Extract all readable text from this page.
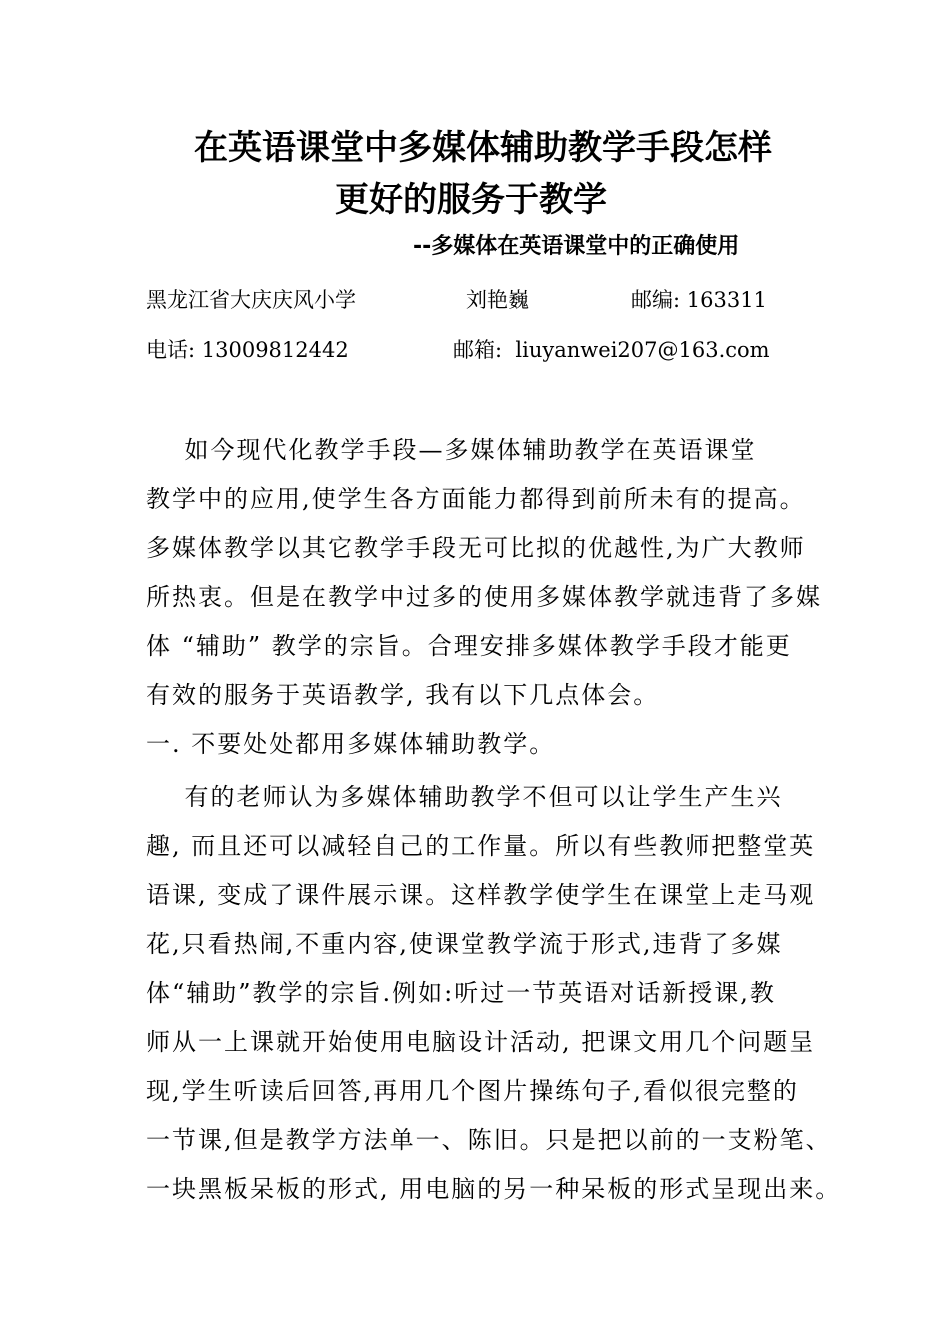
在英语课堂中多媒体辅助教学手段怎样
更好的服务于教学
--多媒体在英语课堂中的正确使用
黑龙江省大庆庆风小学	刘艳巍	邮编: 163311
电话: 13009812442	邮箱:  liuyanwei207@163.com
如今现代化教学手段—多媒体辅助教学在英语课堂
教学中的应用,使学生各方面能力都得到前所未有的提高。
多媒体教学以其它教学手段无可比拟的优越性,为广大教师
所热衷。但是在教学中过多的使用多媒体教学就违背了多媒
体 “辅助” 教学的宗旨。合理安排多媒体教学手段才能更
有效的服务于英语教学, 我有以下几点体会。
一. 不要处处都用多媒体辅助教学。
有的老师认为多媒体辅助教学不但可以让学生产生兴
趣, 而且还可以减轻自己的工作量。所以有些教师把整堂英
语课, 变成了课件展示课。这样教学使学生在课堂上走马观
花,只看热闹,不重内容,使课堂教学流于形式,违背了多媒
体“辅助”教学的宗旨.例如:听过一节英语对话新授课,教
师从一上课就开始使用电脑设计活动, 把课文用几个问题呈
现,学生听读后回答,再用几个图片操练句子,看似很完整的
一节课,但是教学方法单一、陈旧。只是把以前的一支粉笔、
一块黑板呆板的形式, 用电脑的另一种呆板的形式呈现出来。
